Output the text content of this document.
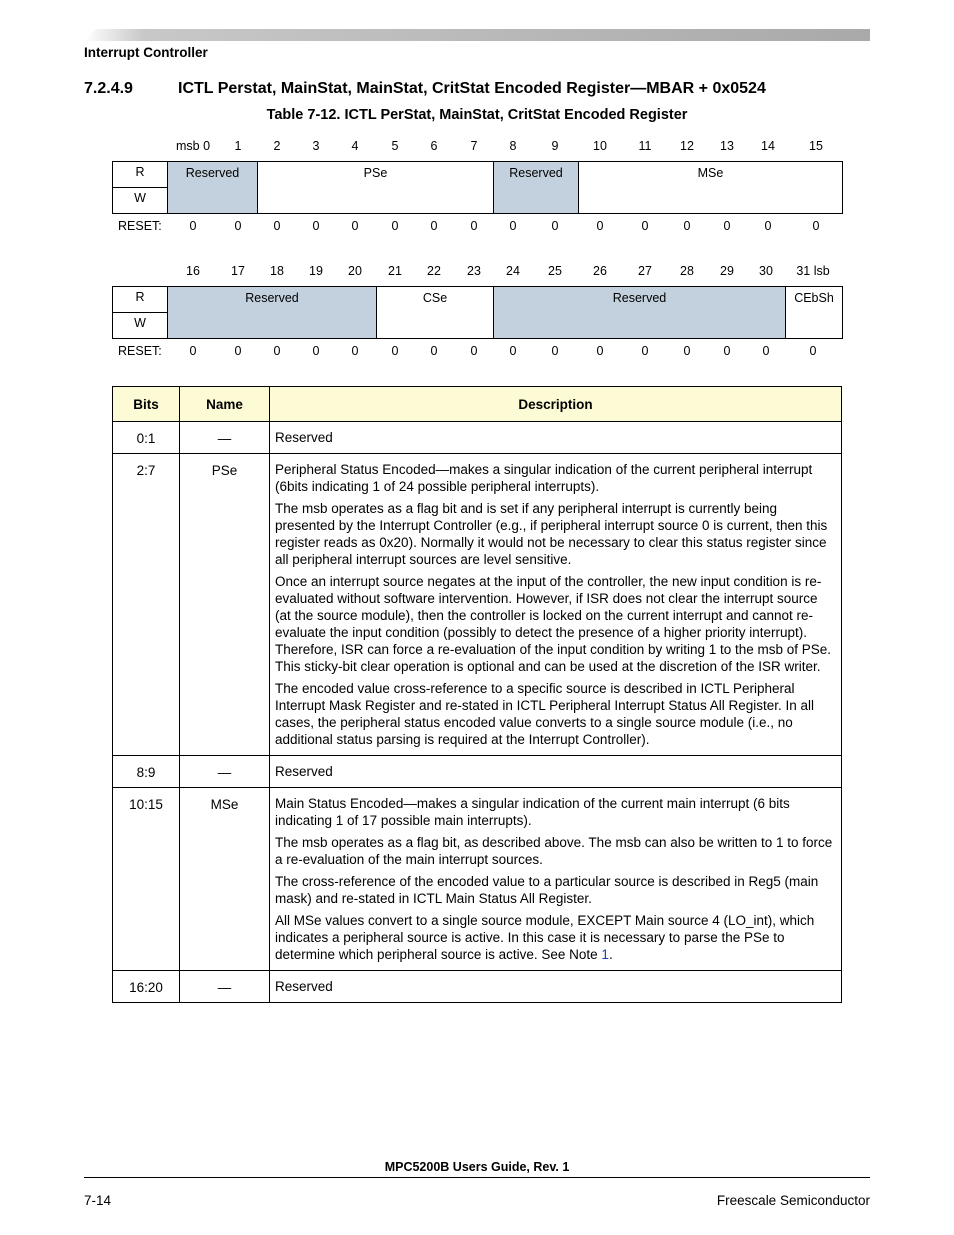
Interrupt Controller
7.2.4.9	ICTL Perstat, MainStat, MainStat, CritStat Encoded Register—MBAR + 0x0524
Table 7-12. ICTL PerStat, MainStat, CritStat Encoded Register
msb 0 1	2	3	4	5	6	7	8	9	10	11 12 13 14	15
R
W
Reserved	PSe	Reserved	MSe
RESET: 0	0	0	0	0	0	0	0	0	0	0	0	0	0	0	0
16 17 18 19 20 21 22 23 24 25 26 27 28 29 30 31 lsb
R
W
Reserved	CSe	Reserved	CEbSh
RESET: 0	0	0	0	0	0	0	0	0	0	0	0	0	0	0	0
Bits	Name	Description
0:1	—	Reserved

2:7	PSe	Peripheral Status Encoded—makes a singular indication of the current peripheral interrupt (6bits indicating 1 of 24 possible peripheral interrupts).

The msb operates as a flag bit and is set if any peripheral interrupt is currently being presented by the Interrupt Controller (e.g., if peripheral interrupt source 0 is current, then this register reads as 0x20). Normally it would not be necessary to clear this status register since all peripheral interrupt sources are level sensitive.

Once an interrupt source negates at the input of the controller, the new input condition is re-evaluated without software intervention. However, if ISR does not clear the interrupt source (at the source module), then the controller is locked on the current interrupt and cannot re-evaluate the input condition (possibly to detect the presence of a higher priority interrupt). Therefore, ISR can force a re-evaluation of the input condition by writing 1 to the msb of PSe. This sticky-bit clear operation is optional and can be used at the discretion of the ISR writer.

The encoded value cross-reference to a specific source is described in ICTL Peripheral Interrupt Mask Register and re-stated in ICTL Peripheral Interrupt Status All Register. In all cases, the peripheral status encoded value converts to a single source module (i.e., no additional status parsing is required at the Interrupt Controller).

8:9	—	Reserved

10:15	MSe	Main Status Encoded—makes a singular indication of the current main interrupt (6 bits indicating 1 of 17 possible main interrupts).

The msb operates as a flag bit, as described above. The msb can also be written to 1 to force a re-evaluation of the main interrupt sources.

The cross-reference of the encoded value to a particular source is described in Reg5 (main mask) and re-stated in ICTL Main Status All Register.

All MSe values convert to a single source module, EXCEPT Main source 4 (LO_int), which indicates a peripheral source is active. In this case it is necessary to parse the PSe to determine which peripheral source is active. See Note 1.

16:20	—	Reserved

MPC5200B Users Guide, Rev. 1
7-14	Freescale Semiconductor
